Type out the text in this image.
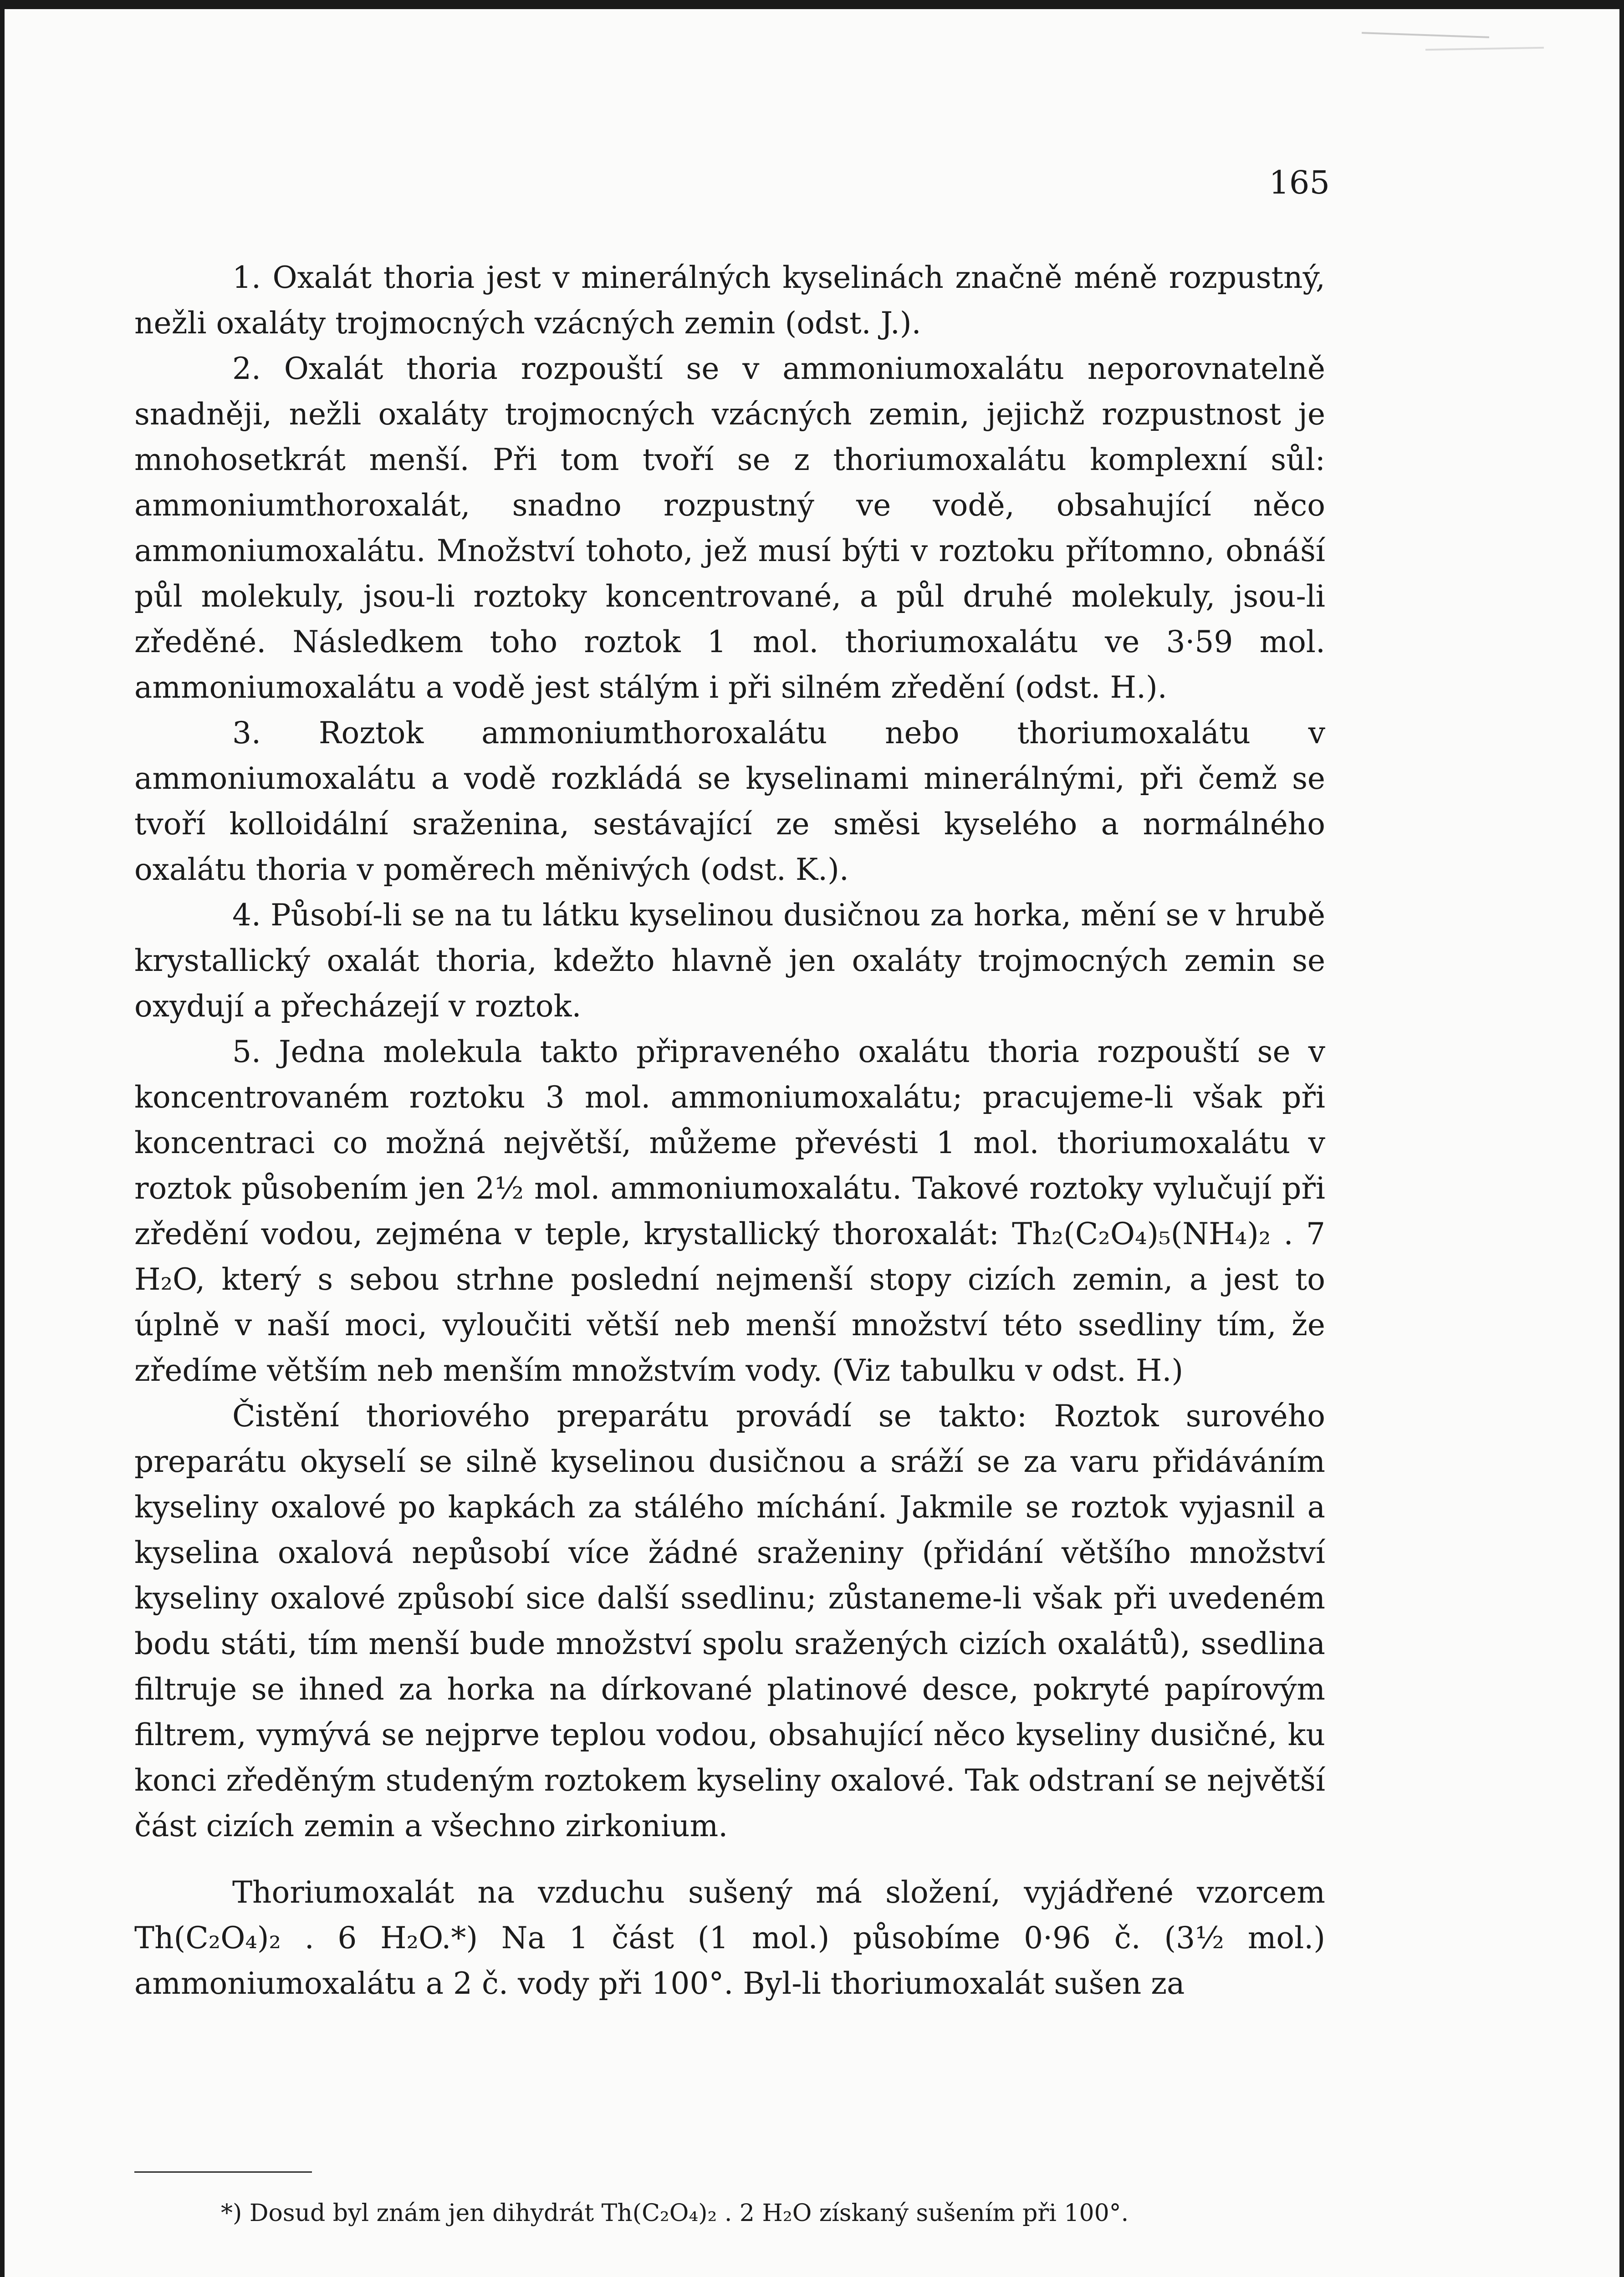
165

1. Oxalát thoria jest v minerálných kyselinách značně méně rozpustný, nežli oxaláty trojmocných vzácných zemin (odst. J.).

2. Oxalát thoria rozpouští se v ammoniumoxalátu neporovnatelně snadněji, nežli oxaláty trojmocných vzácných zemin, jejichž rozpustnost je mnohosetkrát menší. Při tom tvoří se z thoriumoxalátu komplexní sůl: ammoniumthoroxalát, snadno rozpustný ve vodě, obsahující něco ammoniumoxalátu. Množství tohoto, jež musí býti v roztoku přítomno, obnáší půl molekuly, jsou-li roztoky koncentrované, a půl druhé molekuly, jsou-li zředěné. Následkem toho roztok 1 mol. thoriumoxalátu ve 3·59 mol. ammoniumoxalátu a vodě jest stálým i při silném zředění (odst. H.).

3. Roztok ammoniumthoroxalátu nebo thoriumoxalátu v ammoniumoxalátu a vodě rozkládá se kyselinami minerálnými, při čemž se tvoří kolloidální sraženina, sestávající ze směsi kyselého a normálného oxalátu thoria v poměrech měnivých (odst. K.).

4. Působí-li se na tu látku kyselinou dusičnou za horka, mění se v hrubě krystallický oxalát thoria, kdežto hlavně jen oxaláty trojmocných zemin se oxydují a přecházejí v roztok.

5. Jedna molekula takto připraveného oxalátu thoria rozpouští se v koncentrovaném roztoku 3 mol. ammoniumoxalátu; pracujeme-li však při koncentraci co možná největší, můžeme převésti 1 mol. thoriumoxalátu v roztok působením jen 2½ mol. ammoniumoxalátu. Takové roztoky vylučují při zředění vodou, zejména v teple, krystallický thoroxalát: Th₂(C₂O₄)₅(NH₄)₂ . 7 H₂O, který s sebou strhne poslední nejmenší stopy cizích zemin, a jest to úplně v naší moci, vyloučiti větší neb menší množství této ssedliny tím, že zředíme větším neb menším množstvím vody. (Viz tabulku v odst. H.)

Čistění thoriového preparátu provádí se takto: Roztok surového preparátu okyselí se silně kyselinou dusičnou a sráží se za varu přidáváním kyseliny oxalové po kapkách za stálého míchání. Jakmile se roztok vyjasnil a kyselina oxalová nepůsobí více žádné sraženiny (přidání většího množství kyseliny oxalové způsobí sice další ssedlinu; zůstaneme-li však při uvedeném bodu státi, tím menší bude množství spolu sražených cizích oxalátů), ssedlina filtruje se ihned za horka na dírkované platinové desce, pokryté papírovým filtrem, vymývá se nejprve teplou vodou, obsahující něco kyseliny dusičné, ku konci zředěným studeným roztokem kyseliny oxalové. Tak odstraní se největší část cizích zemin a všechno zirkonium.

Thoriumoxalát na vzduchu sušený má složení, vyjádřené vzorcem Th(C₂O₄)₂ . 6 H₂O.*) Na 1 část (1 mol.) působíme 0·96 č. (3½ mol.) ammoniumoxalátu a 2 č. vody při 100°. Byl-li thoriumoxalát sušen za

*) Dosud byl znám jen dihydrát Th(C₂O₄)₂ . 2 H₂O získaný sušením při 100°.
